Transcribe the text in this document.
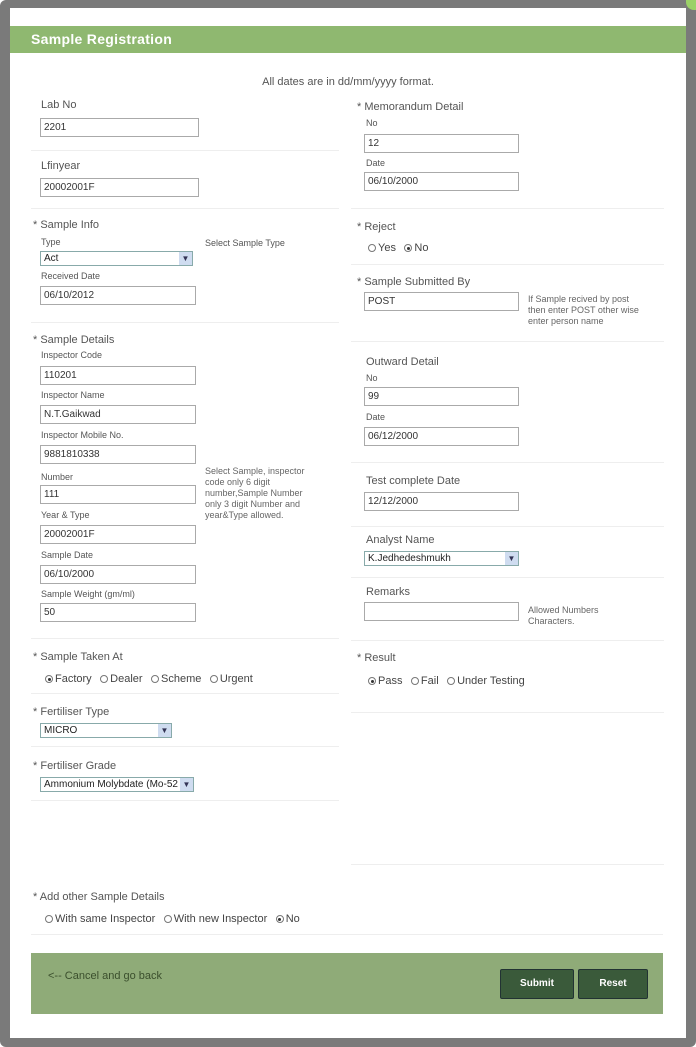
Sample Registration
All dates are in dd/mm/yyyy format.
Lab No
2201
Lfinyear
20002001F
* Sample Info
Type
Act	▼
Select Sample Type
Received Date
06/10/2012
* Sample Details
Inspector Code
110201
Inspector Name
N.T.Gaikwad
Inspector Mobile No.
9881810338
Number
111
Year & Type
20002001F
Sample Date
06/10/2000
Sample Weight (gm/ml)
50
Select Sample, inspector
code only 6 digit
number,Sample Number
only 3 digit Number and
year&Type allowed.
* Sample Taken At
Factory Dealer Scheme Urgent
* Fertiliser Type
MICRO	▼
* Fertiliser Grade
Ammonium Molybdate (Mo-52 ▼
* Memorandum Detail
No
12
Date
06/10/2000
* Reject
Yes No
* Sample Submitted By
POST	If Sample recived by post
then enter POST other wise
enter person name
Outward Detail
No
99
Date
06/12/2000
Test complete Date
12/12/2000
Analyst Name
K.Jedhedeshmukh	▼
Remarks
Allowed Numbers
Characters.
* Result
Pass Fail Under Testing
* Add other Sample Details
With same Inspector With new Inspector No
<-- Cancel and go back
Submit	Reset
